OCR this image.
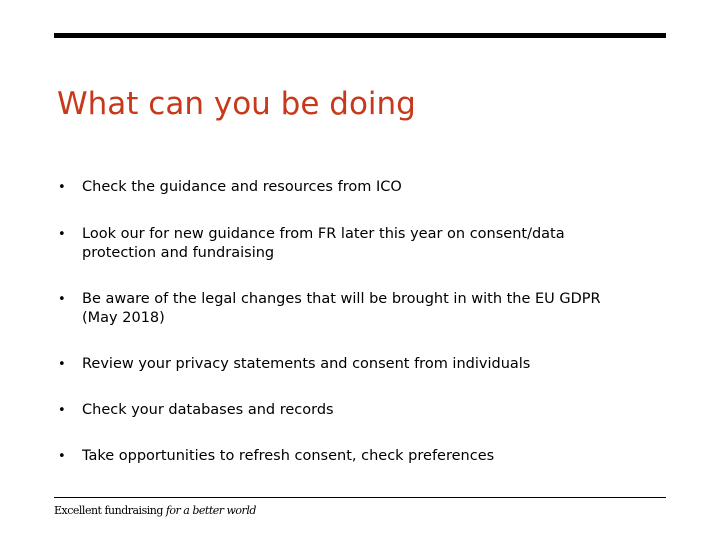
What can you be doing
• Check the guidance and resources from ICO
• Look our for new guidance from FR later this year on consent/data
protection and fundraising
• Be aware of the legal changes that will be brought in with the EU GDPR
(May 2018)
• Review your privacy statements and consent from individuals
• Check your databases and records
• Take opportunities to refresh consent, check preferences
Excellent fundraising for a better world
